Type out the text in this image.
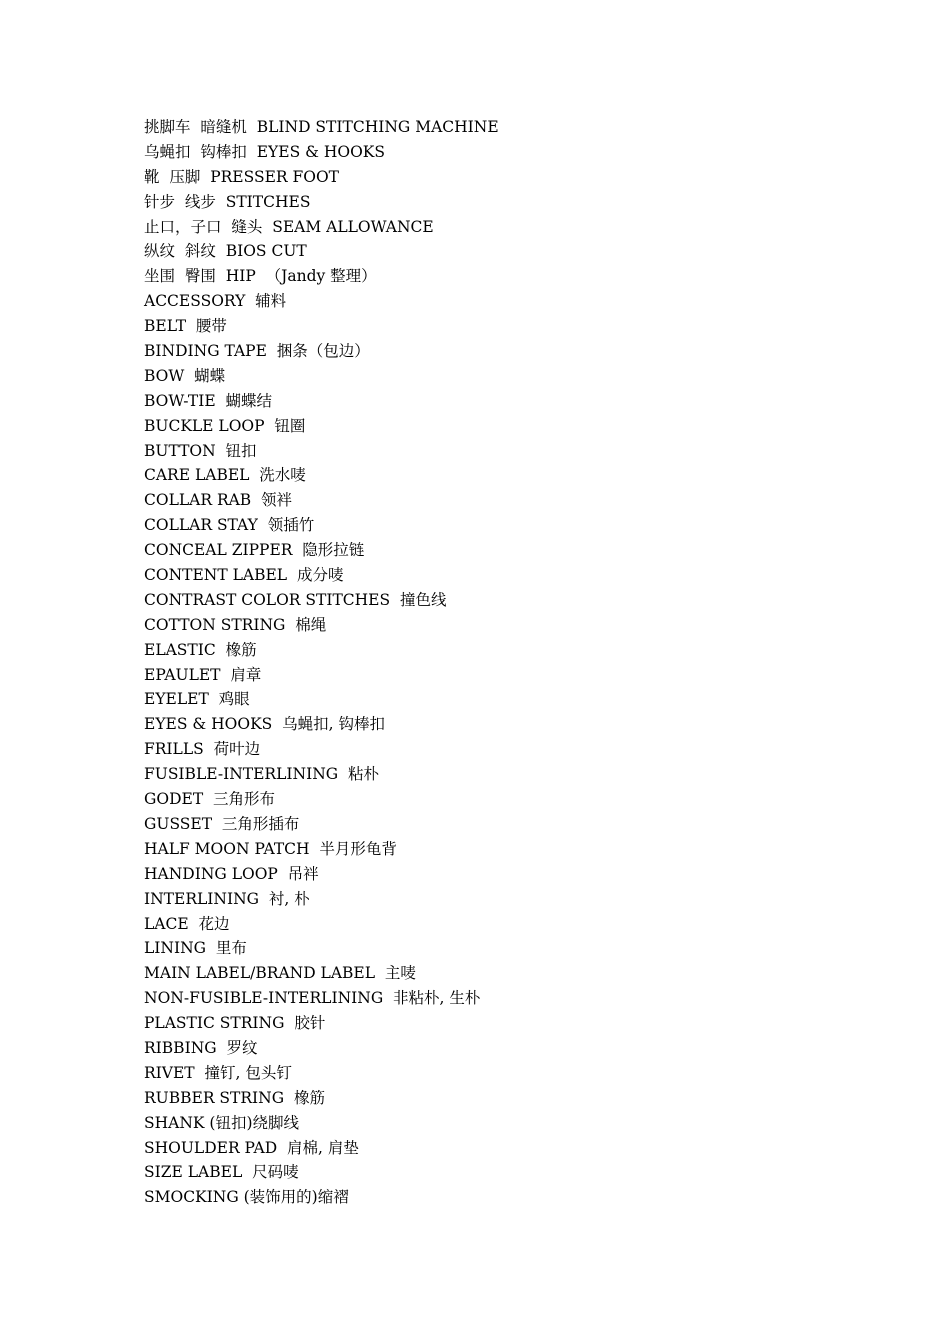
挑脚车  暗缝机  BLIND STITCHING MACHINE
乌蝇扣  钩棒扣  EYES & HOOKS
靴  压脚  PRESSER FOOT
针步  线步  STITCHES
止口，子口  缝头  SEAM ALLOWANCE
纵纹  斜纹  BIOS CUT
坐围  臀围  HIP  （Jandy 整理）
ACCESSORY  辅料
BELT  腰带
BINDING TAPE  捆条（包边）
BOW  蝴蝶
BOW-TIE  蝴蝶结
BUCKLE LOOP  钮圈
BUTTON  钮扣
CARE LABEL  洗水唛
COLLAR RAB  领袢
COLLAR STAY  领插竹
CONCEAL ZIPPER  隐形拉链
CONTENT LABEL  成分唛
CONTRAST COLOR STITCHES  撞色线
COTTON STRING  棉绳
ELASTIC  橡筋
EPAULET  肩章
EYELET  鸡眼
EYES & HOOKS  乌蝇扣, 钩棒扣
FRILLS  荷叶边
FUSIBLE-INTERLINING  粘朴
GODET  三角形布
GUSSET  三角形插布
HALF MOON PATCH  半月形龟背
HANDING LOOP  吊袢
INTERLINING  衬, 朴
LACE  花边
LINING  里布
MAIN LABEL/BRAND LABEL  主唛
NON-FUSIBLE-INTERLINING  非粘朴, 生朴
PLASTIC STRING  胶针
RIBBING  罗纹
RIVET  撞钉, 包头钉
RUBBER STRING  橡筋
SHANK (钮扣)绕脚线
SHOULDER PAD  肩棉, 肩垫
SIZE LABEL  尺码唛
SMOCKING (装饰用的)缩褶
